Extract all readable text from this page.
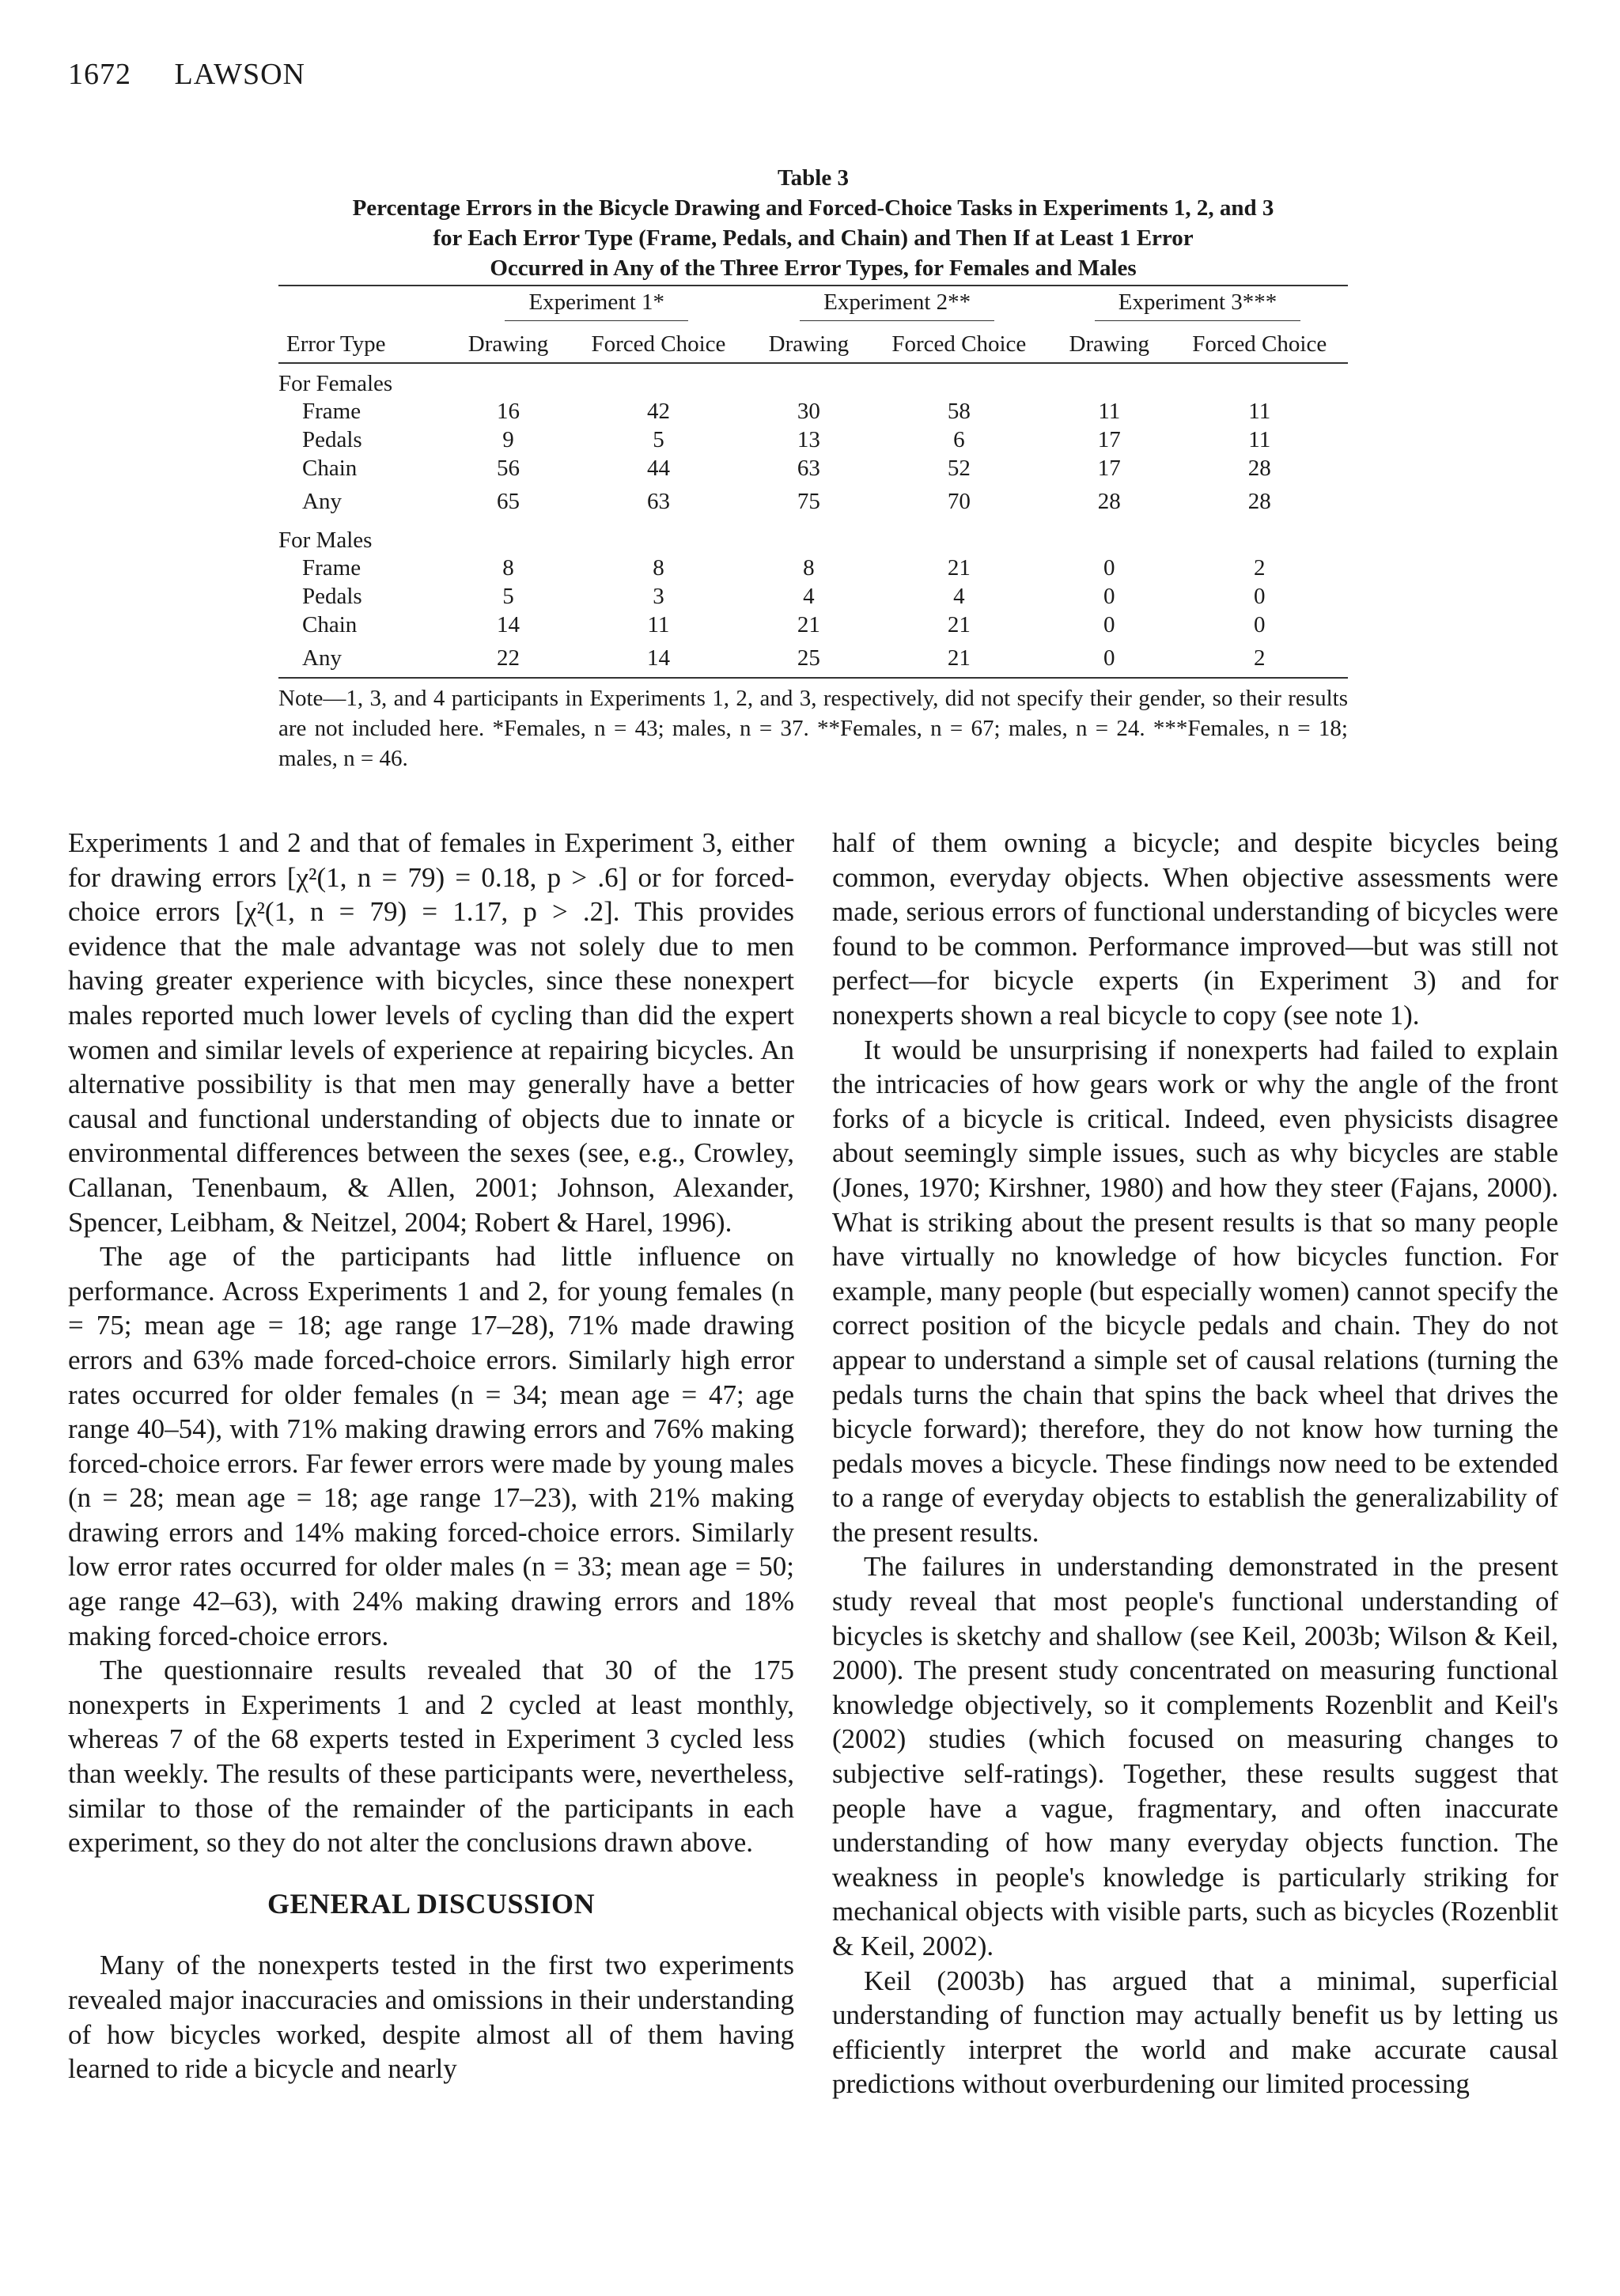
1672 LAWSON
Table 3
Percentage Errors in the Bicycle Drawing and Forced-Choice Tasks in Experiments 1, 2, and 3
for Each Error Type (Frame, Pedals, and Chain) and Then If at Least 1 Error
Occurred in Any of the Three Error Types, for Females and Males
	Experiment 1*		Experiment 2**		Experiment 3***	
Error Type	Drawing	Forced Choice	Drawing	Forced Choice	Drawing	Forced Choice
For Females						
Frame	16	42	30	58	11	11
Pedals	9	5	13	6	17	11
Chain	56	44	63	52	17	28
Any	65	63	75	70	28	28
For Males						
Frame	8	8	8	21	0	2
Pedals	5	3	4	4	0	0
Chain	14	11	21	21	0	0
Any	22	14	25	21	0	2
Note—1, 3, and 4 participants in Experiments 1, 2, and 3, respectively, did not specify their gender, so their results are not included here. *Females, n = 43; males, n = 37. **Females, n = 67; males, n = 24. ***Females, n = 18; males, n = 46.

Experiments 1 and 2 and that of females in Experiment 3, either for drawing errors [χ²(1, n = 79) = 0.18, p > .6] or for forced-choice errors [χ²(1, n = 79) = 1.17, p > .2]. This provides evidence that the male advantage was not solely due to men having greater experience with bicycles, since these nonexpert males reported much lower levels of cycling than did the expert women and similar levels of experience at repairing bicycles. An alternative possibility is that men may generally have a better causal and functional understanding of objects due to innate or environmental differences between the sexes (see, e.g., Crowley, Callanan, Tenenbaum, & Allen, 2001; Johnson, Alexander, Spencer, Leibham, & Neitzel, 2004; Robert & Harel, 1996).

The age of the participants had little influence on performance. Across Experiments 1 and 2, for young females (n = 75; mean age = 18; age range 17–28), 71% made drawing errors and 63% made forced-choice errors. Similarly high error rates occurred for older females (n = 34; mean age = 47; age range 40–54), with 71% making drawing errors and 76% making forced-choice errors. Far fewer errors were made by young males (n = 28; mean age = 18; age range 17–23), with 21% making drawing errors and 14% making forced-choice errors. Similarly low error rates occurred for older males (n = 33; mean age = 50; age range 42–63), with 24% making drawing errors and 18% making forced-choice errors.

The questionnaire results revealed that 30 of the 175 nonexperts in Experiments 1 and 2 cycled at least monthly, whereas 7 of the 68 experts tested in Experiment 3 cycled less than weekly. The results of these participants were, nevertheless, similar to those of the remainder of the participants in each experiment, so they do not alter the conclusions drawn above.

GENERAL DISCUSSION

Many of the nonexperts tested in the first two experiments revealed major inaccuracies and omissions in their understanding of how bicycles worked, despite almost all of them having learned to ride a bicycle and nearly

half of them owning a bicycle; and despite bicycles being common, everyday objects. When objective assessments were made, serious errors of functional understanding of bicycles were found to be common. Performance improved—but was still not perfect—for bicycle experts (in Experiment 3) and for nonexperts shown a real bicycle to copy (see note 1).

It would be unsurprising if nonexperts had failed to explain the intricacies of how gears work or why the angle of the front forks of a bicycle is critical. Indeed, even physicists disagree about seemingly simple issues, such as why bicycles are stable (Jones, 1970; Kirshner, 1980) and how they steer (Fajans, 2000). What is striking about the present results is that so many people have virtually no knowledge of how bicycles function. For example, many people (but especially women) cannot specify the correct position of the bicycle pedals and chain. They do not appear to understand a simple set of causal relations (turning the pedals turns the chain that spins the back wheel that drives the bicycle forward); therefore, they do not know how turning the pedals moves a bicycle. These findings now need to be extended to a range of everyday objects to establish the generalizability of the present results.

The failures in understanding demonstrated in the present study reveal that most people's functional understanding of bicycles is sketchy and shallow (see Keil, 2003b; Wilson & Keil, 2000). The present study concentrated on measuring functional knowledge objectively, so it complements Rozenblit and Keil's (2002) studies (which focused on measuring changes to subjective self-ratings). Together, these results suggest that people have a vague, fragmentary, and often inaccurate understanding of how many everyday objects function. The weakness in people's knowledge is particularly striking for mechanical objects with visible parts, such as bicycles (Rozenblit & Keil, 2002).

Keil (2003b) has argued that a minimal, superficial understanding of function may actually benefit us by letting us efficiently interpret the world and make accurate causal predictions without overburdening our limited processing
